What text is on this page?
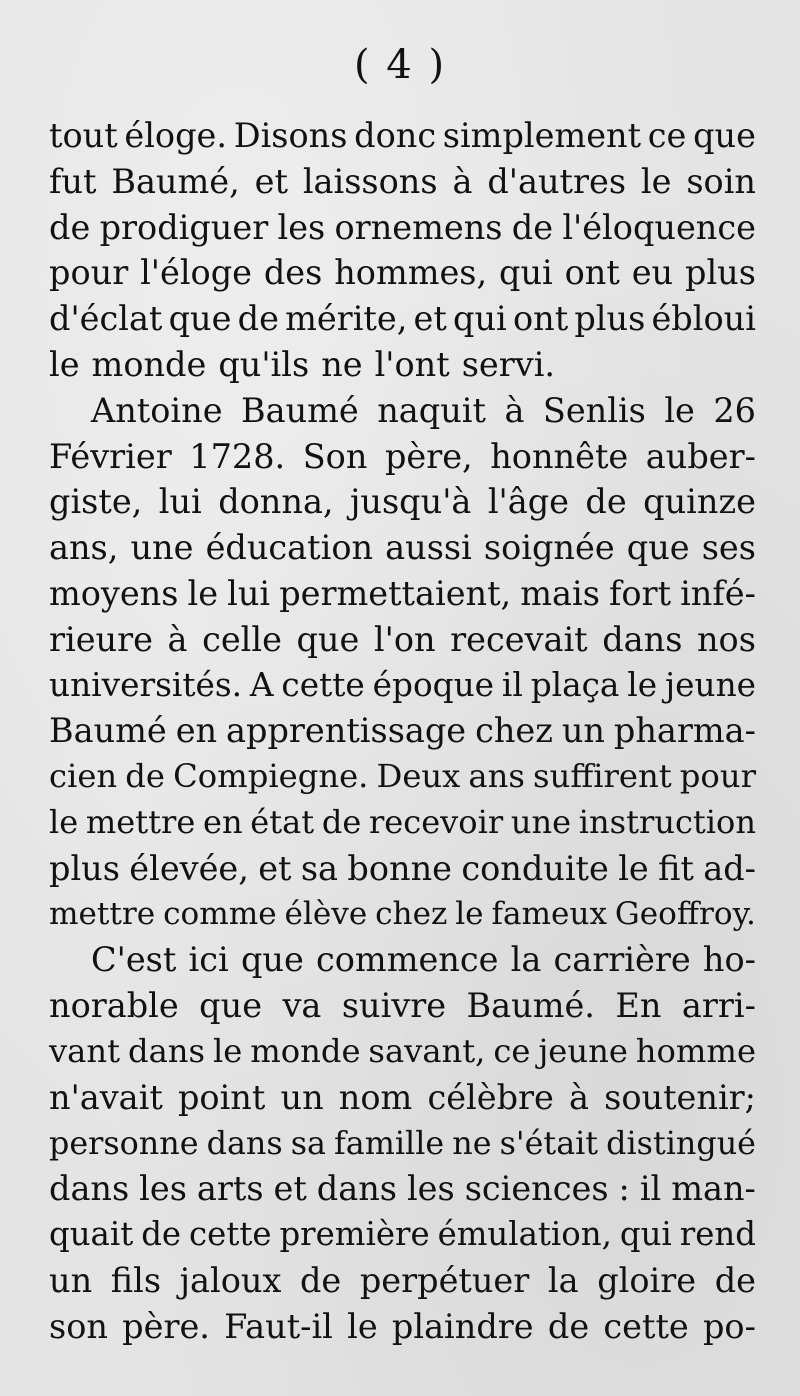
( 4 )
tout éloge. Disons donc simplement ce que
fut Baumé, et laissons à d'autres le soin
de prodiguer les ornemens de l'éloquence
pour l'éloge des hommes, qui ont eu plus
d'éclat que de mérite, et qui ont plus ébloui
le monde qu'ils ne l'ont servi.
Antoine Baumé naquit à Senlis le 26
Février 1728. Son père, honnête auber-
giste, lui donna, jusqu'à l'âge de quinze
ans, une éducation aussi soignée que ses
moyens le lui permettaient, mais fort infé-
rieure à celle que l'on recevait dans nos
universités. A cette époque il plaça le jeune
Baumé en apprentissage chez un pharma-
cien de Compiegne. Deux ans suffirent pour
le mettre en état de recevoir une instruction
plus élevée, et sa bonne conduite le fit ad-
mettre comme élève chez le fameux Geoffroy.
C'est ici que commence la carrière ho-
norable que va suivre Baumé. En arri-
vant dans le monde savant, ce jeune homme
n'avait point un nom célèbre à soutenir;
personne dans sa famille ne s'était distingué
dans les arts et dans les sciences : il man-
quait de cette première émulation, qui rend
un fils jaloux de perpétuer la gloire de
son père. Faut-il le plaindre de cette po-
